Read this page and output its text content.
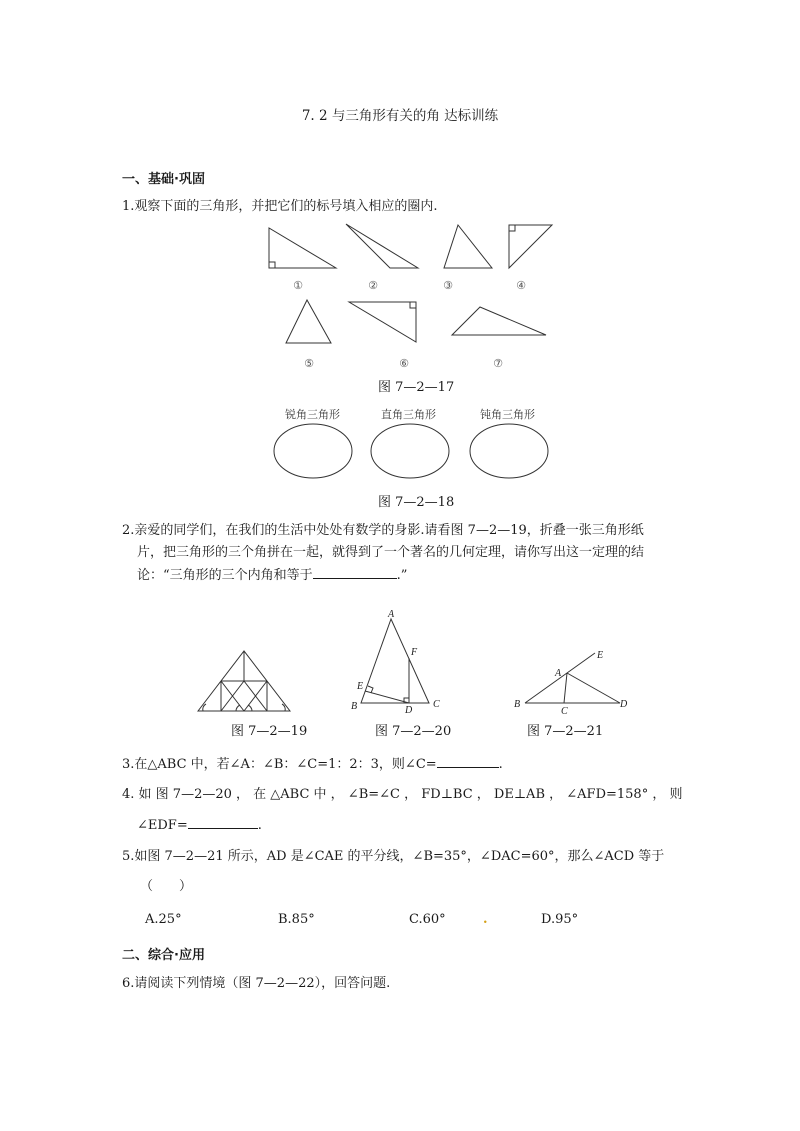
7. 2 与三角形有关的角 达标训练
一、基础·巩固
1.观察下面的三角形，并把它们的标号填入相应的圈内.
①	②	③	④
⑤	⑥	⑦
图 7—2—17
锐角三角形	直角三角形	钝角三角形
图 7—2—18
2.亲爱的同学们，在我们的生活中处处有数学的身影.请看图 7—2—19，折叠一张三角形纸
片，把三角形的三个角拼在一起，就得到了一个著名的几何定理，请你写出这一定理的结
论：“三角形的三个内角和等于	.”
A
F
E
B	D
C
A
E
B
C
D
图 7—2—19	图 7—2—20	图 7—2—21
3.在△ABC 中，若∠A：∠B：∠C=1：2：3，则∠C=	.
4. 如 图 7—2—20 ， 在 △ABC 中 ， ∠B=∠C ， FD⊥BC ， DE⊥AB ， ∠AFD=158° ， 则
∠EDF=	.
5.如图 7—2—21 所示，AD 是∠CAE 的平分线，∠B=35°，∠DAC=60°，那么∠ACD 等于
（　　）
A.25°	B.85°	C.60°	.	D.95°
二、综合·应用
6.请阅读下列情境（图 7—2—22），回答问题.
